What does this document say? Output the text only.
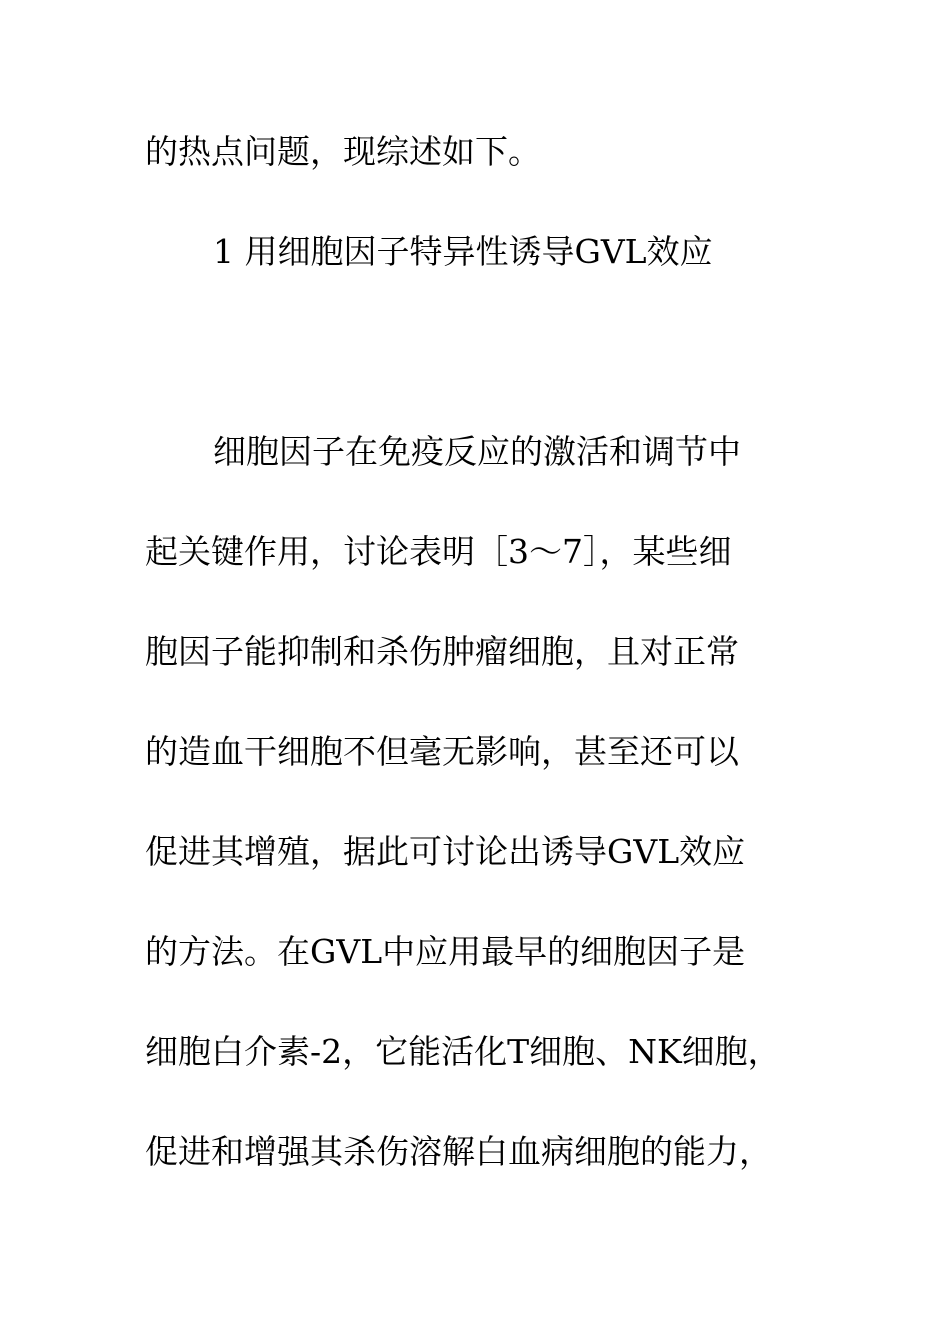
的热点问题，现综述如下。
1 用细胞因子特异性诱导GVL效应
细胞因子在免疫反应的激活和调节中
起关键作用，讨论表明［3～7］，某些细
胞因子能抑制和杀伤肿瘤细胞，且对正常
的造血干细胞不但毫无影响，甚至还可以
促进其增殖，据此可讨论出诱导GVL效应
的方法。在GVL中应用最早的细胞因子是
细胞白介素-2，它能活化T细胞、NK细胞，
促进和增强其杀伤溶解白血病细胞的能力，
